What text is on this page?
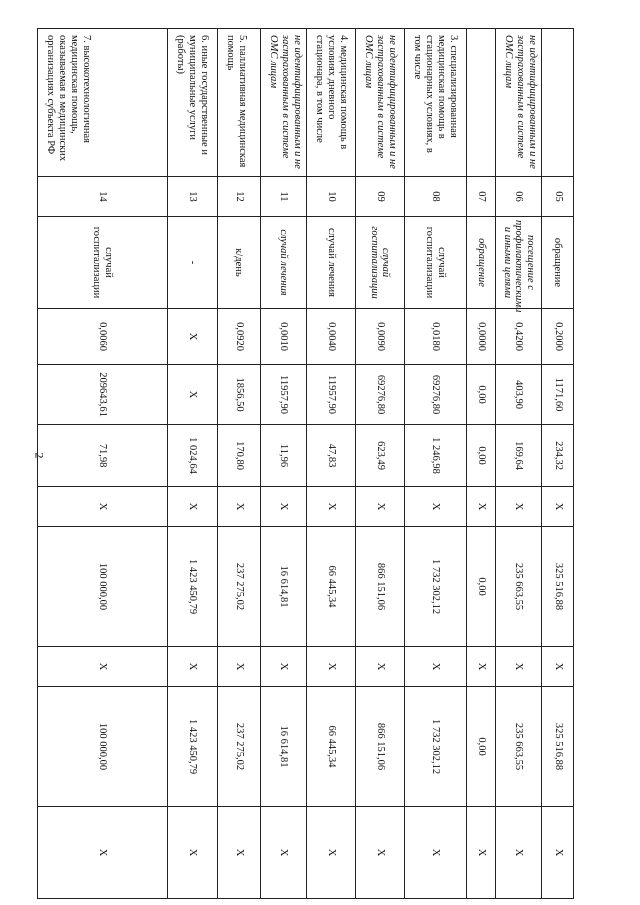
2
	05	обращение	0,2000	1171,60	234,32	X	325 516,88	X	325 516,88	X
не идентифицированным и не застрахованным в системе ОМС лицам	06	посещение с профилактическими и иными целями	0,4200	403,90	169,64	X	235 663,55	X	235 663,55	X
	07	обращение	0,0000	0,00	0,00	X	0,00	X	0,00	X
3. специализированная медицинская помощь в стационарных условиях, в том числе	08	случай госпитализации	0,0180	69276,80	1 246,98	X	1 732 302,12	X	1 732 302,12	X
не идентифицированным и не застрахованным в системе ОМС лицам	09	случай госпитализации	0,0090	69276,80	623,49	X	866 151,06	X	866 151,06	X
4. медицинская помощь в условиях дневного стационара, в том числе	10	случай лечения	0,0040	11957,90	47,83	X	66 445,34	X	66 445,34	X
не идентифицированным и не застрахованным в системе ОМС лицам	11	случай лечения	0,0010	11957,90	11,96	X	16 614,81	X	16 614,81	X
5. паллиативная медицинская помощь	12	к/день	0,0920	1856,50	170,80	X	237 275,02	X	237 275,02	X
6. иные государственные и муниципальные услуги (работы)	13	-	X	X	1 024,64	X	1 423 450,79	X	1 423 450,79	X
7. высокотехнологичная медицинская помощь, оказываемая в медицинских организациях субъекта РФ	14	случай госпитализации	0,0060	209643,61	71,98	X	100 000,00	X	100 000,00	X
